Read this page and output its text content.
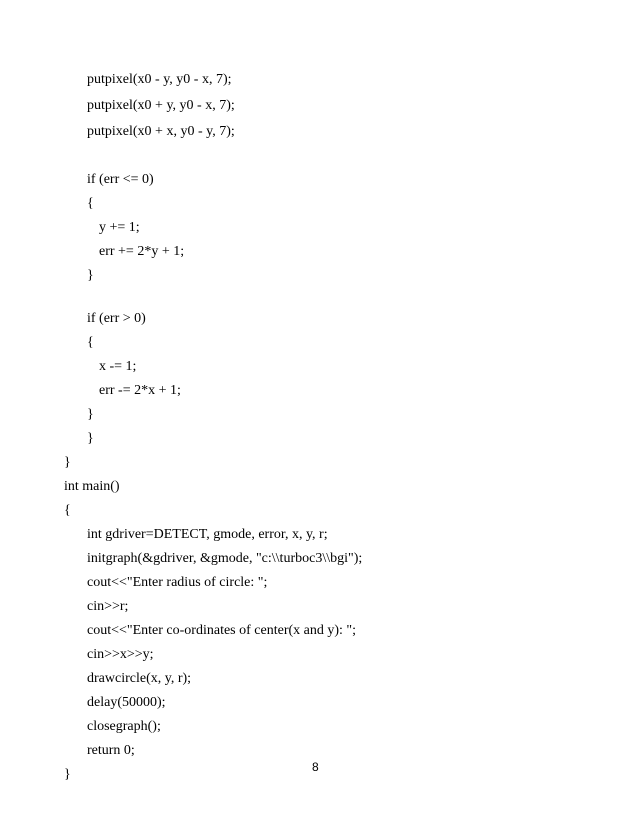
putpixel(x0 - y, y0 - x, 7);
putpixel(x0 + y, y0 - x, 7);
putpixel(x0 + x, y0 - y, 7);
if (err <= 0)
{
y += 1;
err += 2*y + 1;
}
if (err > 0)
{
x -= 1;
err -= 2*x + 1;
}
}
}
int main()
{
int gdriver=DETECT, gmode, error, x, y, r;
initgraph(&gdriver, &gmode, "c:\\turboc3\\bgi");
cout<<"Enter radius of circle: ";
cin>>r;
cout<<"Enter co-ordinates of center(x and y): ";
cin>>x>>y;
drawcircle(x, y, r);
delay(50000);
closegraph();
return 0;
}	8
